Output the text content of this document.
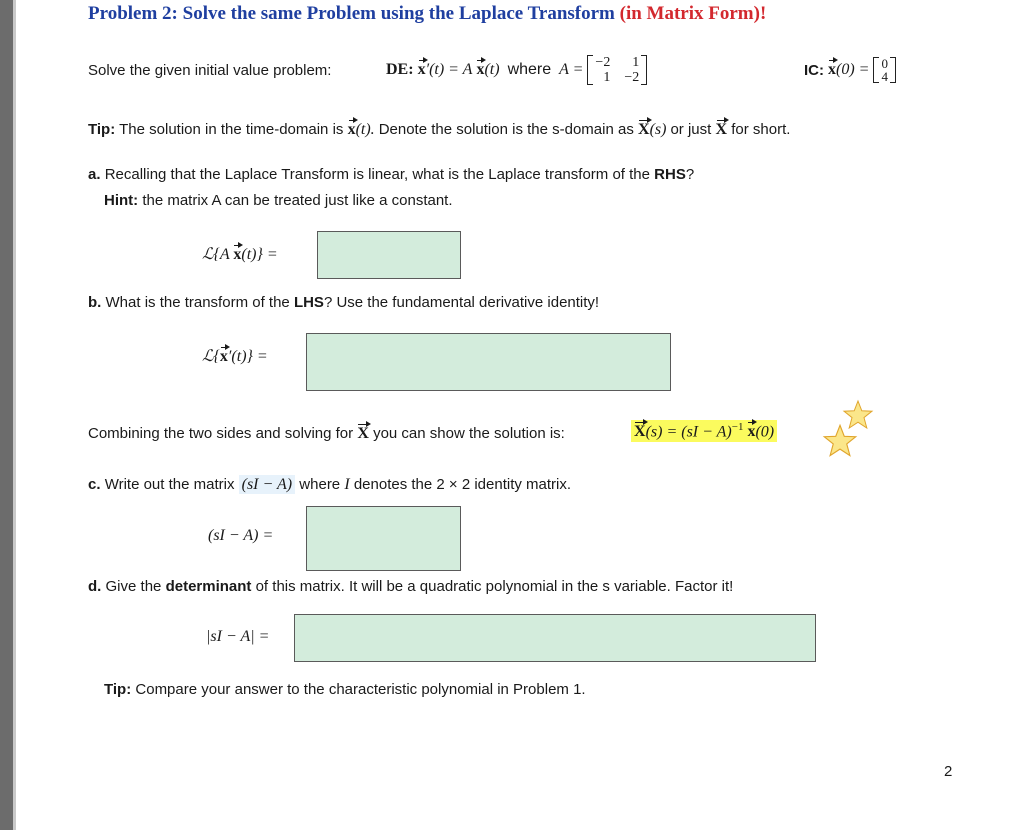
Problem 2: Solve the same Problem using the Laplace Transform (in Matrix Form)!
Solve the given initial value problem:	DE:
x ′(t)
= A
x (t)
where
A = −2	1
1 −2	IC:
x (0) = 0
4
Tip: The solution in the time-domain is x(t). Denote the solution is the s-domain as X(s) or just X for short.
a. Recalling that the Laplace Transform is linear, what is the Laplace transform of the RHS?
Hint: the matrix A can be treated just like a constant.
ℒ{A x(t)} =
b. What is the transform of the LHS? Use the fundamental derivative identity!
ℒ{x′(t)} =
Combining the two sides and solving for X you can show the solution is:	X(s) = (sI − A)$^{-1}$ x(0)
c. Write out the matrix (sI − A) where I denotes the 2 × 2 identity matrix.
(sI − A) =
d. Give the determinant of this matrix. It will be a quadratic polynomial in the s variable. Factor it!
|sI − A| =
Tip: Compare your answer to the characteristic polynomial in Problem 1.
2
